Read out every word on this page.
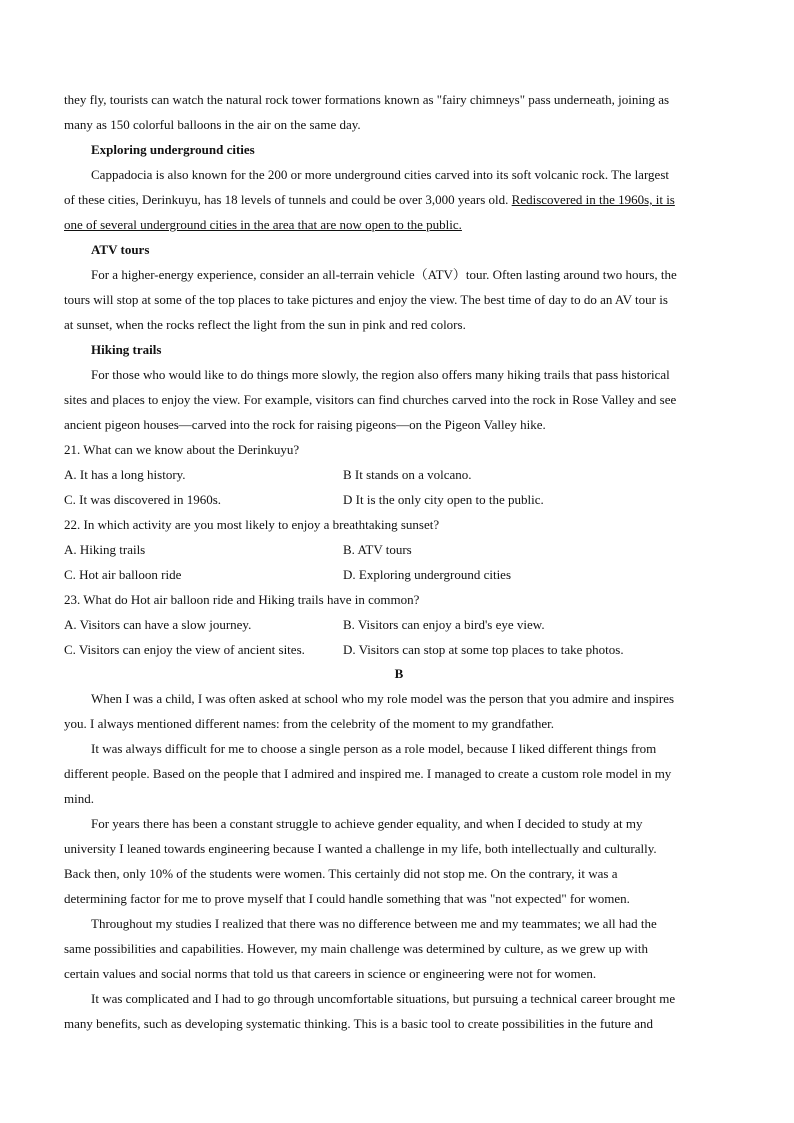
they fly, tourists can watch the natural rock tower formations known as "fairy chimneys" pass underneath, joining as
many as 150 colorful balloons in the air on the same day.
Exploring underground cities
Cappadocia is also known for the 200 or more underground cities carved into its soft volcanic rock. The largest
of these cities, Derinkuyu, has 18 levels of tunnels and could be over 3,000 years old. Rediscovered in the 1960s, it is
one of several underground cities in the area that are now open to the public.
ATV tours
For a higher-energy experience, consider an all-terrain vehicle（ATV）tour. Often lasting around two hours, the
tours will stop at some of the top places to take pictures and enjoy the view. The best time of day to do an AV tour is
at sunset, when the rocks reflect the light from the sun in pink and red colors.
Hiking trails
For those who would like to do things more slowly, the region also offers many hiking trails that pass historical
sites and places to enjoy the view. For example, visitors can find churches carved into the rock in Rose Valley and see
ancient pigeon houses—carved into the rock for raising pigeons—on the Pigeon Valley hike.
21. What can we know about the Derinkuyu?
A. It has a long history.	B It stands on a volcano.
C. It was discovered in 1960s.	D It is the only city open to the public.
22. In which activity are you most likely to enjoy a breathtaking sunset?
A. Hiking trails	B. ATV tours
C. Hot air balloon ride	D. Exploring underground cities
23. What do Hot air balloon ride and Hiking trails have in common?
A. Visitors can have a slow journey.	B. Visitors can enjoy a bird's eye view.
C. Visitors can enjoy the view of ancient sites.	D. Visitors can stop at some top places to take photos.
B
When I was a child, I was often asked at school who my role model was the person that you admire and inspires
you. I always mentioned different names: from the celebrity of the moment to my grandfather.
It was always difficult for me to choose a single person as a role model, because I liked different things from
different people. Based on the people that I admired and inspired me. I managed to create a custom role model in my
mind.
For years there has been a constant struggle to achieve gender equality, and when I decided to study at my
university I leaned towards engineering because I wanted a challenge in my life, both intellectually and culturally.
Back then, only 10% of the students were women. This certainly did not stop me. On the contrary, it was a
determining factor for me to prove myself that I could handle something that was "not expected" for women.
Throughout my studies I realized that there was no difference between me and my teammates; we all had the
same possibilities and capabilities. However, my main challenge was determined by culture, as we grew up with
certain values and social norms that told us that careers in science or engineering were not for women.
It was complicated and I had to go through uncomfortable situations, but pursuing a technical career brought me
many benefits, such as developing systematic thinking. This is a basic tool to create possibilities in the future and
